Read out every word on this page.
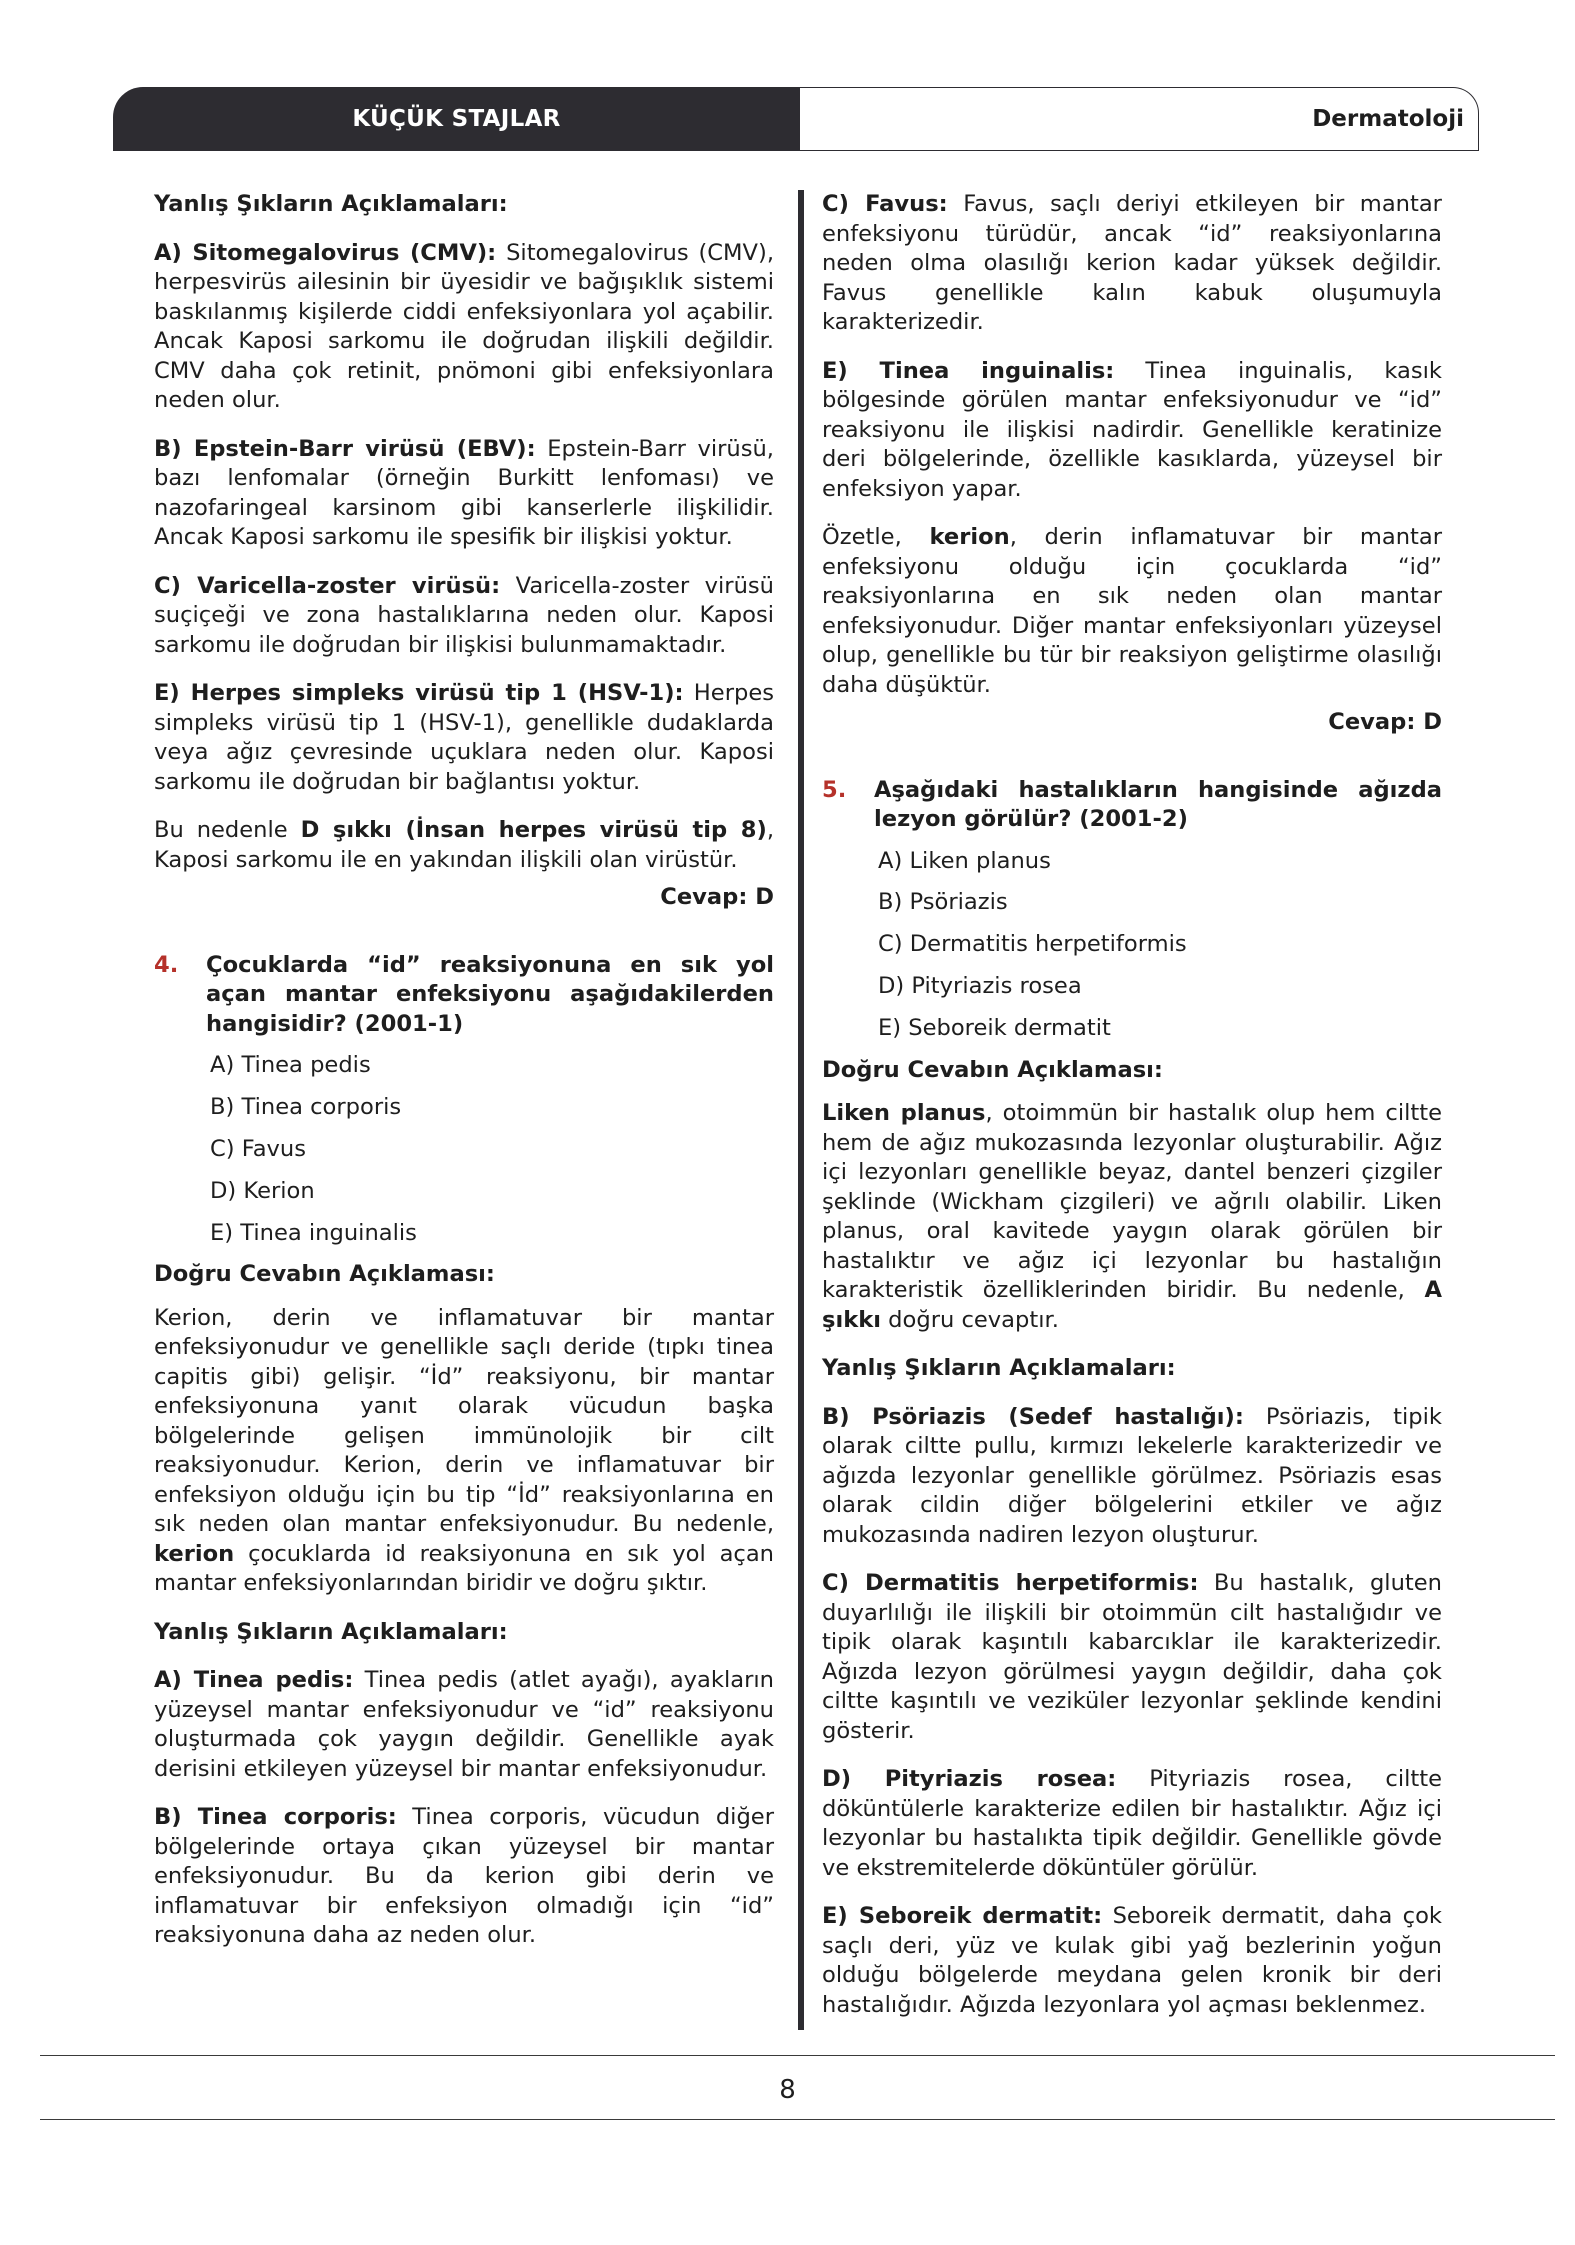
KÜÇÜK STAJLAR	Dermatoloji

Yanlış Şıkların Açıklamaları:

A) Sitomegalovirus (CMV): Sitomegalovirus (CMV), herpesvirüs ailesinin bir üyesidir ve bağışıklık sistemi baskılanmış kişilerde ciddi enfeksiyonlara yol açabilir. Ancak Kaposi sarkomu ile doğrudan ilişkili değildir. CMV daha çok retinit, pnömoni gibi enfeksiyonlara neden olur.

B) Epstein-Barr virüsü (EBV): Epstein-Barr virüsü, bazı lenfomalar (örneğin Burkitt lenfoması) ve nazofaringeal karsinom gibi kanserlerle ilişkilidir. Ancak Kaposi sarkomu ile spesifik bir ilişkisi yoktur.

C) Varicella-zoster virüsü: Varicella-zoster virüsü suçiçeği ve zona hastalıklarına neden olur. Kaposi sarkomu ile doğrudan bir ilişkisi bulunmamaktadır.

E) Herpes simpleks virüsü tip 1 (HSV-1): Herpes simpleks virüsü tip 1 (HSV-1), genellikle dudaklarda veya ağız çevresinde uçuklara neden olur. Kaposi sarkomu ile doğrudan bir bağlantısı yoktur.

Bu nedenle D şıkkı (İnsan herpes virüsü tip 8), Kaposi sarkomu ile en yakından ilişkili olan virüstür.

Cevap: D

4.	Çocuklarda “id” reaksiyonuna en sık yol açan mantar enfeksiyonu aşağıdakilerden hangisidir? (2001-1)
A) Tinea pedis
B) Tinea corporis
C) Favus
D) Kerion
E) Tinea inguinalis

Doğru Cevabın Açıklaması:

Kerion, derin ve inflamatuvar bir mantar enfeksiyonudur ve genellikle saçlı deride (tıpkı tinea capitis gibi) gelişir. “İd” reaksiyonu, bir mantar enfeksiyonuna yanıt olarak vücudun başka bölgelerinde gelişen immünolojik bir cilt reaksiyonudur. Kerion, derin ve inflamatuvar bir enfeksiyon olduğu için bu tip “İd” reaksiyonlarına en sık neden olan mantar enfeksiyonudur. Bu nedenle, kerion çocuklarda id reaksiyonuna en sık yol açan mantar enfeksiyonlarından biridir ve doğru şıktır.

Yanlış Şıkların Açıklamaları:

A) Tinea pedis: Tinea pedis (atlet ayağı), ayakların yüzeysel mantar enfeksiyonudur ve “id” reaksiyonu oluşturmada çok yaygın değildir. Genellikle ayak derisini etkileyen yüzeysel bir mantar enfeksiyonudur.

B) Tinea corporis: Tinea corporis, vücudun diğer bölgelerinde ortaya çıkan yüzeysel bir mantar enfeksiyonudur. Bu da kerion gibi derin ve inflamatuvar bir enfeksiyon olmadığı için “id” reaksiyonuna daha az neden olur.

C) Favus: Favus, saçlı deriyi etkileyen bir mantar enfeksiyonu türüdür, ancak “id” reaksiyonlarına neden olma olasılığı kerion kadar yüksek değildir. Favus genellikle kalın kabuk oluşumuyla karakterizedir.

E) Tinea inguinalis: Tinea inguinalis, kasık bölgesinde görülen mantar enfeksiyonudur ve “id” reaksiyonu ile ilişkisi nadirdir. Genellikle keratinize deri bölgelerinde, özellikle kasıklarda, yüzeysel bir enfeksiyon yapar.

Özetle, kerion, derin inflamatuvar bir mantar enfeksiyonu olduğu için çocuklarda “id” reaksiyonlarına en sık neden olan mantar enfeksiyonudur. Diğer mantar enfeksiyonları yüzeysel olup, genellikle bu tür bir reaksiyon geliştirme olasılığı daha düşüktür.

Cevap: D

5.	Aşağıdaki hastalıkların hangisinde ağızda lezyon görülür? (2001-2)
A) Liken planus
B) Psöriazis
C) Dermatitis herpetiformis
D) Pityriazis rosea
E) Seboreik dermatit

Doğru Cevabın Açıklaması:

Liken planus, otoimmün bir hastalık olup hem ciltte hem de ağız mukozasında lezyonlar oluşturabilir. Ağız içi lezyonları genellikle beyaz, dantel benzeri çizgiler şeklinde (Wickham çizgileri) ve ağrılı olabilir. Liken planus, oral kavitede yaygın olarak görülen bir hastalıktır ve ağız içi lezyonlar bu hastalığın karakteristik özelliklerinden biridir. Bu nedenle, A şıkkı doğru cevaptır.

Yanlış Şıkların Açıklamaları:

B) Psöriazis (Sedef hastalığı): Psöriazis, tipik olarak ciltte pullu, kırmızı lekelerle karakterizedir ve ağızda lezyonlar genellikle görülmez. Psöriazis esas olarak cildin diğer bölgelerini etkiler ve ağız mukozasında nadiren lezyon oluşturur.

C) Dermatitis herpetiformis: Bu hastalık, gluten duyarlılığı ile ilişkili bir otoimmün cilt hastalığıdır ve tipik olarak kaşıntılı kabarcıklar ile karakterizedir. Ağızda lezyon görülmesi yaygın değildir, daha çok ciltte kaşıntılı ve veziküler lezyonlar şeklinde kendini gösterir.

D) Pityriazis rosea: Pityriazis rosea, ciltte döküntülerle karakterize edilen bir hastalıktır. Ağız içi lezyonlar bu hastalıkta tipik değildir. Genellikle gövde ve ekstremitelerde döküntüler görülür.

E) Seboreik dermatit: Seboreik dermatit, daha çok saçlı deri, yüz ve kulak gibi yağ bezlerinin yoğun olduğu bölgelerde meydana gelen kronik bir deri hastalığıdır. Ağızda lezyonlara yol açması beklenmez.

8
